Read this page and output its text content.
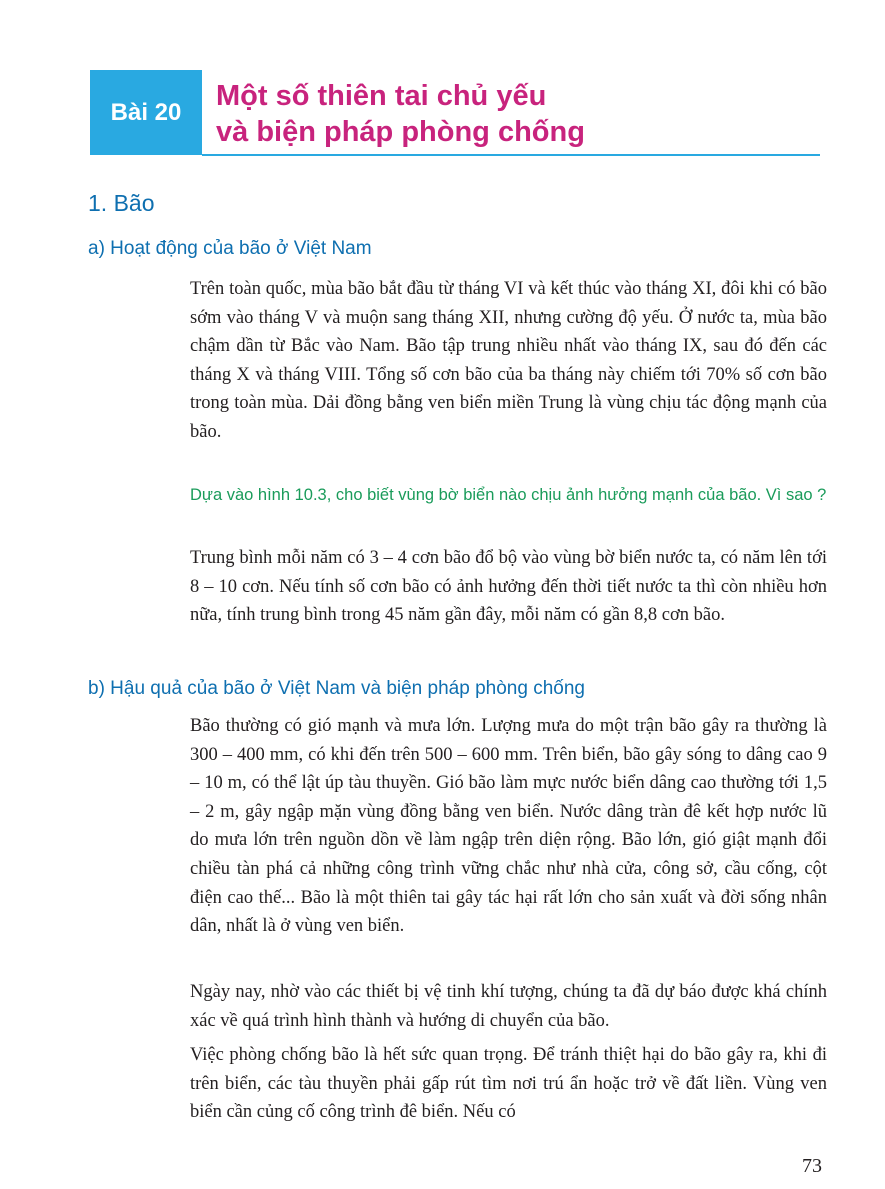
Bài 20 Một số thiên tai chủ yếu
và biện pháp phòng chống
1. Bão
a) Hoạt động của bão ở Việt Nam

Trên toàn quốc, mùa bão bắt đầu từ tháng VI và kết thúc vào tháng XI, đôi khi có bão sớm vào tháng V và muộn sang tháng XII, nhưng cường độ yếu. Ở nước ta, mùa bão chậm dần từ Bắc vào Nam. Bão tập trung nhiều nhất vào tháng IX, sau đó đến các tháng X và tháng VIII. Tổng số cơn bão của ba tháng này chiếm tới 70% số cơn bão trong toàn mùa. Dải đồng bằng ven biển miền Trung là vùng chịu tác động mạnh của bão.

Dựa vào hình 10.3, cho biết vùng bờ biển nào chịu ảnh hưởng mạnh của bão. Vì sao ?

Trung bình mỗi năm có 3 – 4 cơn bão đổ bộ vào vùng bờ biển nước ta, có năm lên tới 8 – 10 cơn. Nếu tính số cơn bão có ảnh hưởng đến thời tiết nước ta thì còn nhiều hơn nữa, tính trung bình trong 45 năm gần đây, mỗi năm có gần 8,8 cơn bão.

b) Hậu quả của bão ở Việt Nam và biện pháp phòng chống

Bão thường có gió mạnh và mưa lớn. Lượng mưa do một trận bão gây ra thường là 300 – 400 mm, có khi đến trên 500 – 600 mm. Trên biển, bão gây sóng to dâng cao 9 – 10 m, có thể lật úp tàu thuyền. Gió bão làm mực nước biển dâng cao thường tới 1,5 – 2 m, gây ngập mặn vùng đồng bằng ven biển. Nước dâng tràn đê kết hợp nước lũ do mưa lớn trên nguồn dồn về làm ngập trên diện rộng. Bão lớn, gió giật mạnh đổi chiều tàn phá cả những công trình vững chắc như nhà cửa, công sở, cầu cống, cột điện cao thế... Bão là một thiên tai gây tác hại rất lớn cho sản xuất và đời sống nhân dân, nhất là ở vùng ven biển.

Ngày nay, nhờ vào các thiết bị vệ tinh khí tượng, chúng ta đã dự báo được khá chính xác về quá trình hình thành và hướng di chuyển của bão.

Việc phòng chống bão là hết sức quan trọng. Để tránh thiệt hại do bão gây ra, khi đi trên biển, các tàu thuyền phải gấp rút tìm nơi trú ẩn hoặc trở về đất liền. Vùng ven biển cần củng cố công trình đê biển. Nếu có

73
